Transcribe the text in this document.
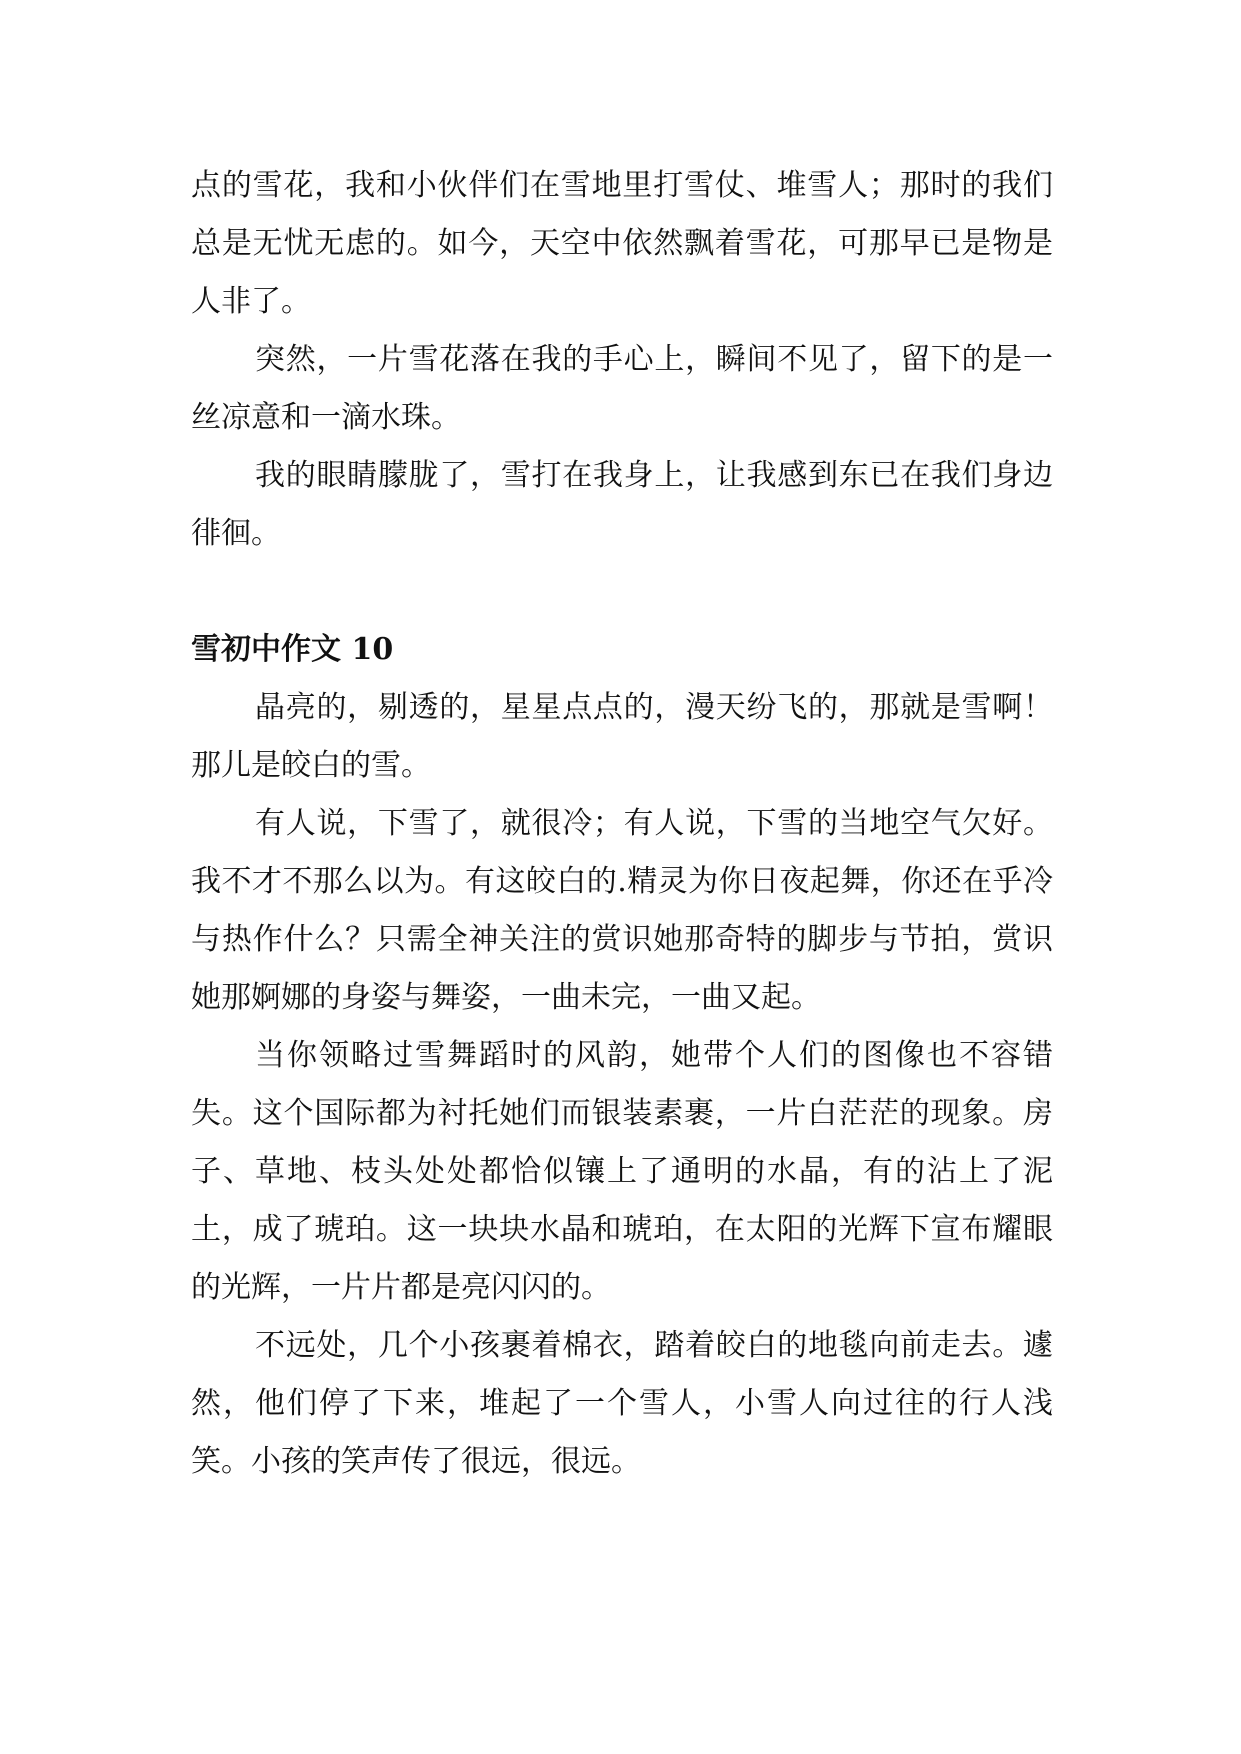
点的雪花，我和小伙伴们在雪地里打雪仗、堆雪人；那时的我们总是无忧无虑的。如今，天空中依然飘着雪花，可那早已是物是人非了。

突然，一片雪花落在我的手心上，瞬间不见了，留下的是一丝凉意和一滴水珠。

我的眼睛朦胧了，雪打在我身上，让我感到东已在我们身边徘徊。

雪初中作文 10

晶亮的，剔透的，星星点点的，漫天纷飞的，那就是雪啊！那儿是皎白的雪。

有人说，下雪了，就很冷；有人说，下雪的当地空气欠好。我不才不那么以为。有这皎白的.精灵为你日夜起舞，你还在乎冷与热作什么？只需全神关注的赏识她那奇特的脚步与节拍，赏识她那婀娜的身姿与舞姿，一曲未完，一曲又起。

当你领略过雪舞蹈时的风韵，她带个人们的图像也不容错失。这个国际都为衬托她们而银装素裹，一片白茫茫的现象。房子、草地、枝头处处都恰似镶上了通明的水晶，有的沾上了泥土，成了琥珀。这一块块水晶和琥珀，在太阳的光辉下宣布耀眼的光辉，一片片都是亮闪闪的。

不远处，几个小孩裹着棉衣，踏着皎白的地毯向前走去。遽然，他们停了下来，堆起了一个雪人，小雪人向过往的行人浅笑。小孩的笑声传了很远，很远。
